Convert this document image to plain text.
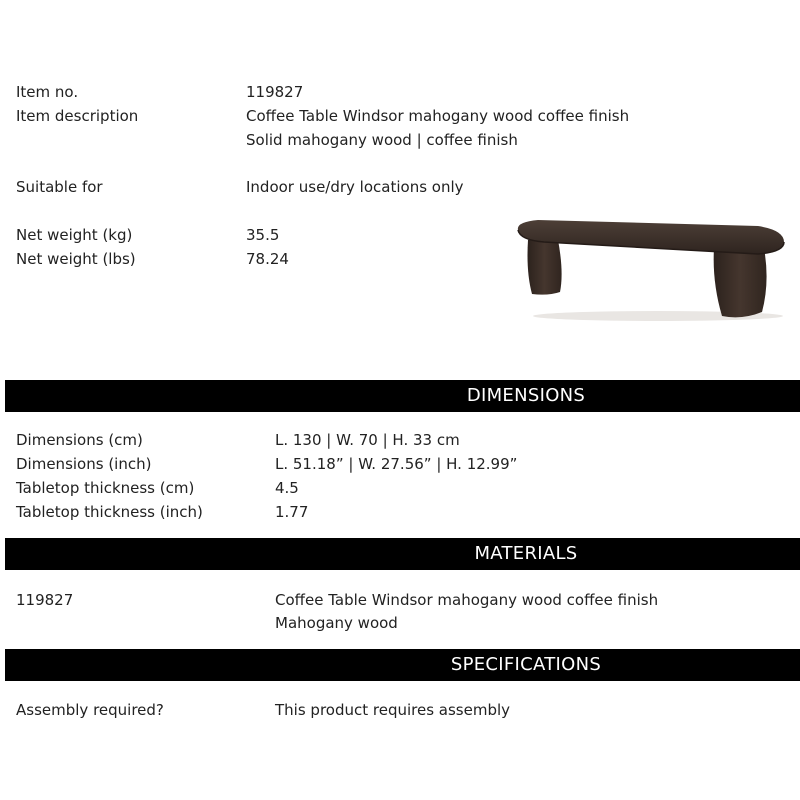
Item no.	119827
Item description	Coffee Table Windsor mahogany wood coffee finish
Solid mahogany wood | coffee finish
Suitable for	Indoor use/dry locations only
Net weight (kg)	35.5
Net weight (lbs)	78.24
DIMENSIONS
Dimensions (cm)	L. 130 | W. 70 | H. 33 cm
Dimensions (inch)	L. 51.18” | W. 27.56” | H. 12.99”
Tabletop thickness (cm)	4.5
Tabletop thickness (inch)	1.77
MATERIALS
119827	Coffee Table Windsor mahogany wood coffee finish
Mahogany wood
SPECIFICATIONS
Assembly required?	This product requires assembly
